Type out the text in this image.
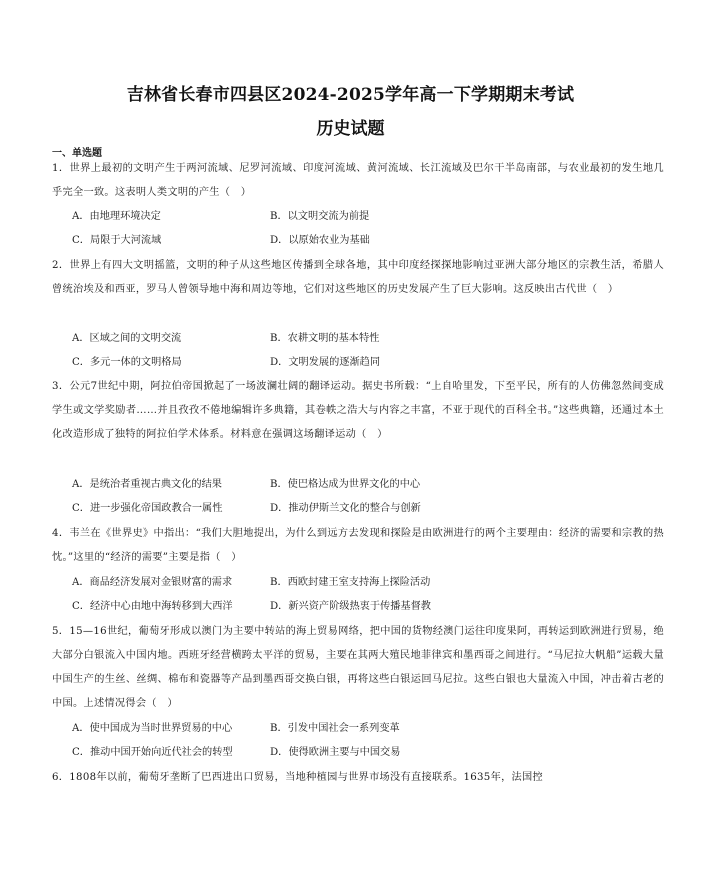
吉林省长春市四县区2024-2025学年高一下学期期末考试
历史试题
一、单选题
1．世界上最初的文明产生于两河流域、尼罗河流域、印度河流域、黄河流域、长江流域及巴尔干半岛南部，与农业最初的发生地几乎完全一致。这表明人类文明的产生（　）
A．由地理环境决定	B．以文明交流为前提
C．局限于大河流域	D．以原始农业为基础
2．世界上有四大文明摇篮，文明的种子从这些地区传播到全球各地，其中印度经探探地影响过亚洲大部分地区的宗教生活，希腊人曾统治埃及和西亚，罗马人曾领导地中海和周边等地，它们对这些地区的历史发展产生了巨大影响。这反映出古代世（　）
A．区域之间的文明交流	B．农耕文明的基本特性
C．多元一体的文明格局	D．文明发展的逐渐趋同
3．公元7世纪中期，阿拉伯帝国掀起了一场波澜壮阔的翻译运动。据史书所载：“上自哈里发，下至平民，所有的人仿佛忽然间变成学生或文学奖励者……并且孜孜不倦地编辑许多典籍，其卷帙之浩大与内容之丰富，不亚于现代的百科全书。”这些典籍，还通过本土化改造形成了独特的阿拉伯学术体系。材料意在强调这场翻译运动（　）
A．是统治者重视古典文化的结果	B．使巴格达成为世界文化的中心
C．进一步强化帝国政教合一属性	D．推动伊斯兰文化的整合与创新
4．韦兰在《世界史》中指出：“我们大胆地提出，为什么到远方去发现和探险是由欧洲进行的两个主要理由：经济的需要和宗教的热忱。”这里的“经济的需要”主要是指（　）
A．商品经济发展对金银财富的需求	B．西欧封建王室支持海上探险活动
C．经济中心由地中海转移到大西洋	D．新兴资产阶级热衷于传播基督教
5．15—16世纪，葡萄牙形成以澳门为主要中转站的海上贸易网络，把中国的货物经澳门运往印度果阿，再转运到欧洲进行贸易，绝大部分白银流入中国内地。西班牙经营横跨太平洋的贸易，主要在其两大殖民地菲律宾和墨西哥之间进行。“马尼拉大帆船”运载大量中国生产的生丝、丝绸、棉布和瓷器等产品到墨西哥交换白银，再将这些白银运回马尼拉。这些白银也大量流入中国，冲击着古老的中国。上述情况得会（　）
A．使中国成为当时世界贸易的中心	B．引发中国社会一系列变革
C．推动中国开始向近代社会的转型	D．使得欧洲主要与中国交易
6．1808年以前，葡萄牙垄断了巴西进出口贸易，当地种植园与世界市场没有直接联系。1635年，法国控
